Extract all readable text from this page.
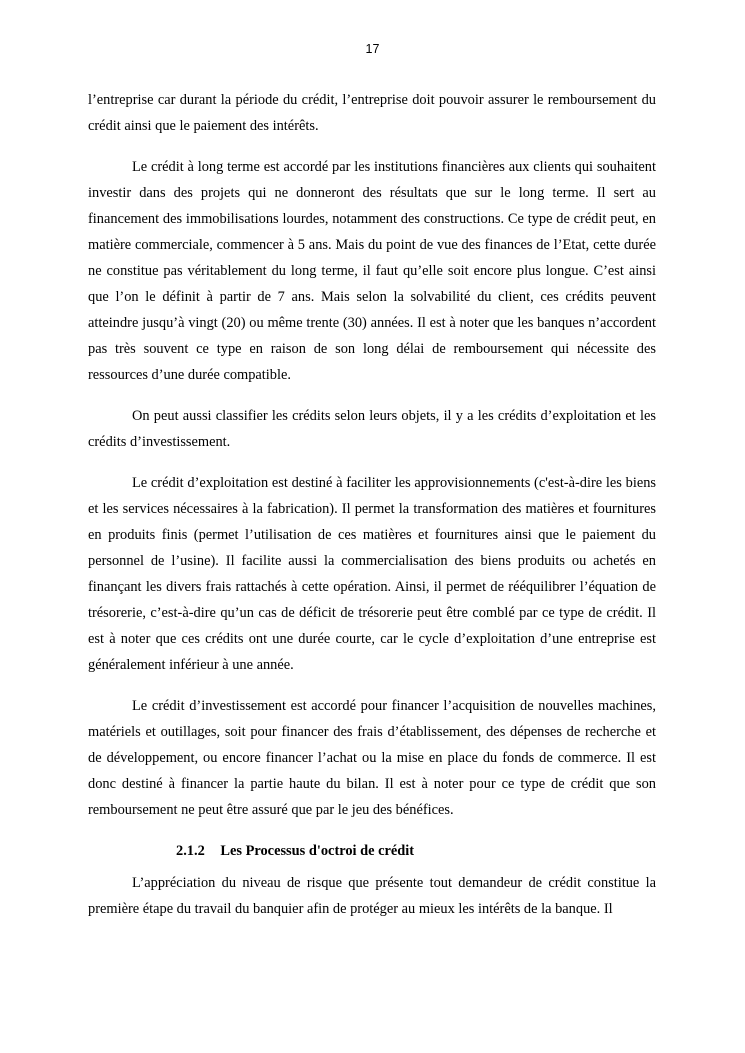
17

l’entreprise car durant la période du crédit, l’entreprise doit pouvoir assurer le remboursement du crédit ainsi que le paiement des intérêts.

Le crédit à long terme est accordé par les institutions financières aux clients qui souhaitent investir dans des projets qui ne donneront des résultats que sur le long terme. Il sert au financement des immobilisations lourdes, notamment des constructions. Ce type de crédit peut, en matière commerciale, commencer à 5 ans. Mais du point de vue des finances de l’Etat, cette durée ne constitue pas véritablement du long terme, il faut qu’elle soit encore plus longue. C’est ainsi que l’on le définit à partir de 7 ans. Mais selon la solvabilité du client, ces crédits peuvent atteindre jusqu’à vingt (20) ou même trente (30) années. Il est à noter que les banques n’accordent pas très souvent ce type en raison de son long délai de remboursement qui nécessite des ressources d’une durée compatible.

On peut aussi classifier les crédits selon leurs objets, il y a les crédits d’exploitation et les crédits d’investissement.

Le crédit d’exploitation est destiné à faciliter les approvisionnements (c'est-à-dire les biens et les services nécessaires à la fabrication). Il permet la transformation des matières et fournitures en produits finis (permet l’utilisation de ces matières et fournitures ainsi que le paiement du personnel de l’usine). Il facilite aussi la commercialisation des biens produits ou achetés en finançant les divers frais rattachés à cette opération. Ainsi, il permet de rééquilibrer l’équation de trésorerie, c’est-à-dire qu’un cas de déficit de trésorerie peut être comblé par ce type de crédit. Il est à noter que ces crédits ont une durée courte, car le cycle d’exploitation d’une entreprise est généralement inférieur à une année.

Le crédit d’investissement est accordé pour financer l’acquisition de nouvelles machines, matériels et outillages, soit pour financer des frais d’établissement, des dépenses de recherche et de développement, ou encore financer l’achat ou la mise en place du fonds de commerce. Il est donc destiné à financer la partie haute du bilan. Il est à noter pour ce type de crédit que son remboursement ne peut être assuré que par le jeu des bénéfices.

2.1.2 Les Processus d'octroi de crédit

L’appréciation du niveau de risque que présente tout demandeur de crédit constitue la première étape du travail du banquier afin de protéger au mieux les intérêts de la banque. Il
